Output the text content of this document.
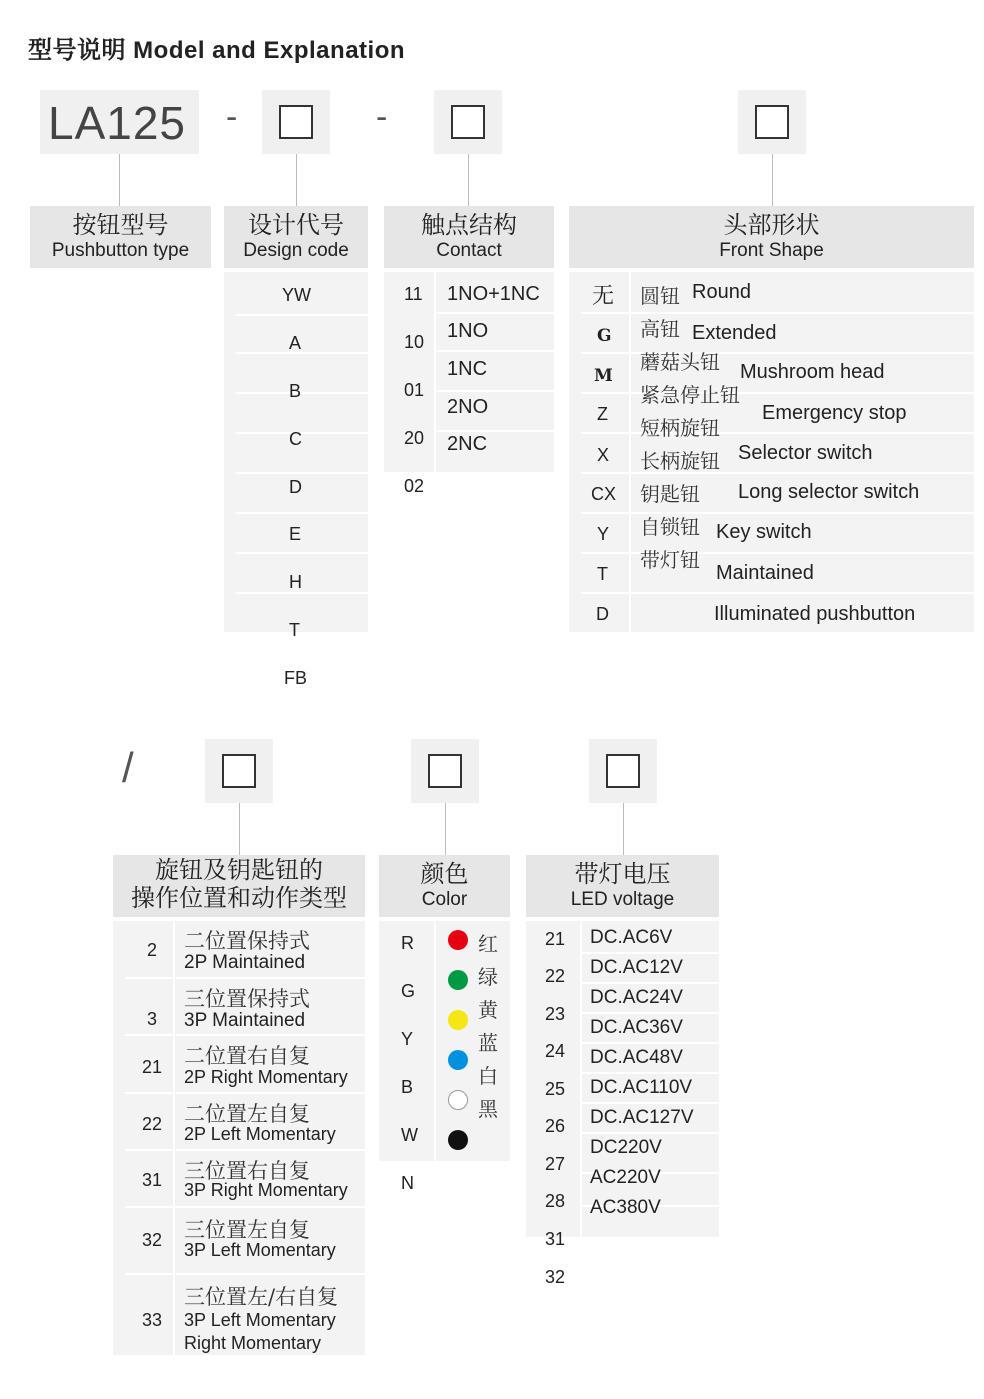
型号说明 Model and Explanation
LA125 -	-
按钮型号
Pushbutton type
设计代号
Design code
YW
A
B
C
D
E
H
T
FB
触点结构
Contact
11
10
01
20
02
1NO+1NC
1NO
1NC
2NO
2NC
头部形状
Front Shape
无
G
M
Z
X
CX
Y
T
D
圆钮
高钮
蘑菇头钮
紧急停止钮
短柄旋钮
长柄旋钮
钥匙钮
自锁钮
带灯钮
Round
Extended
Mushroom head
Emergency stop
Selector switch
Long selector switch
Key switch
Maintained
Illuminated pushbutton
/
旋钮及钥匙钮的
操作位置和动作类型
2
3
21
22
31
32
33
二位置保持式
2P Maintained
三位置保持式
3P Maintained
二位置右自复
2P Right Momentary
二位置左自复
2P Left Momentary
三位置右自复
3P Right Momentary
三位置左自复
3P Left Momentary
三位置左/右自复
3P Left Momentary
Right Momentary
颜色
Color
R
G
Y
B
W
N
红
绿
黄
蓝
白
黑
带灯电压
LED voltage
21
22
23
24
25
26
27
28
31
32
DC.AC6V
DC.AC12V
DC.AC24V
DC.AC36V
DC.AC48V
DC.AC110V
DC.AC127V
DC220V
AC220V
AC380V
